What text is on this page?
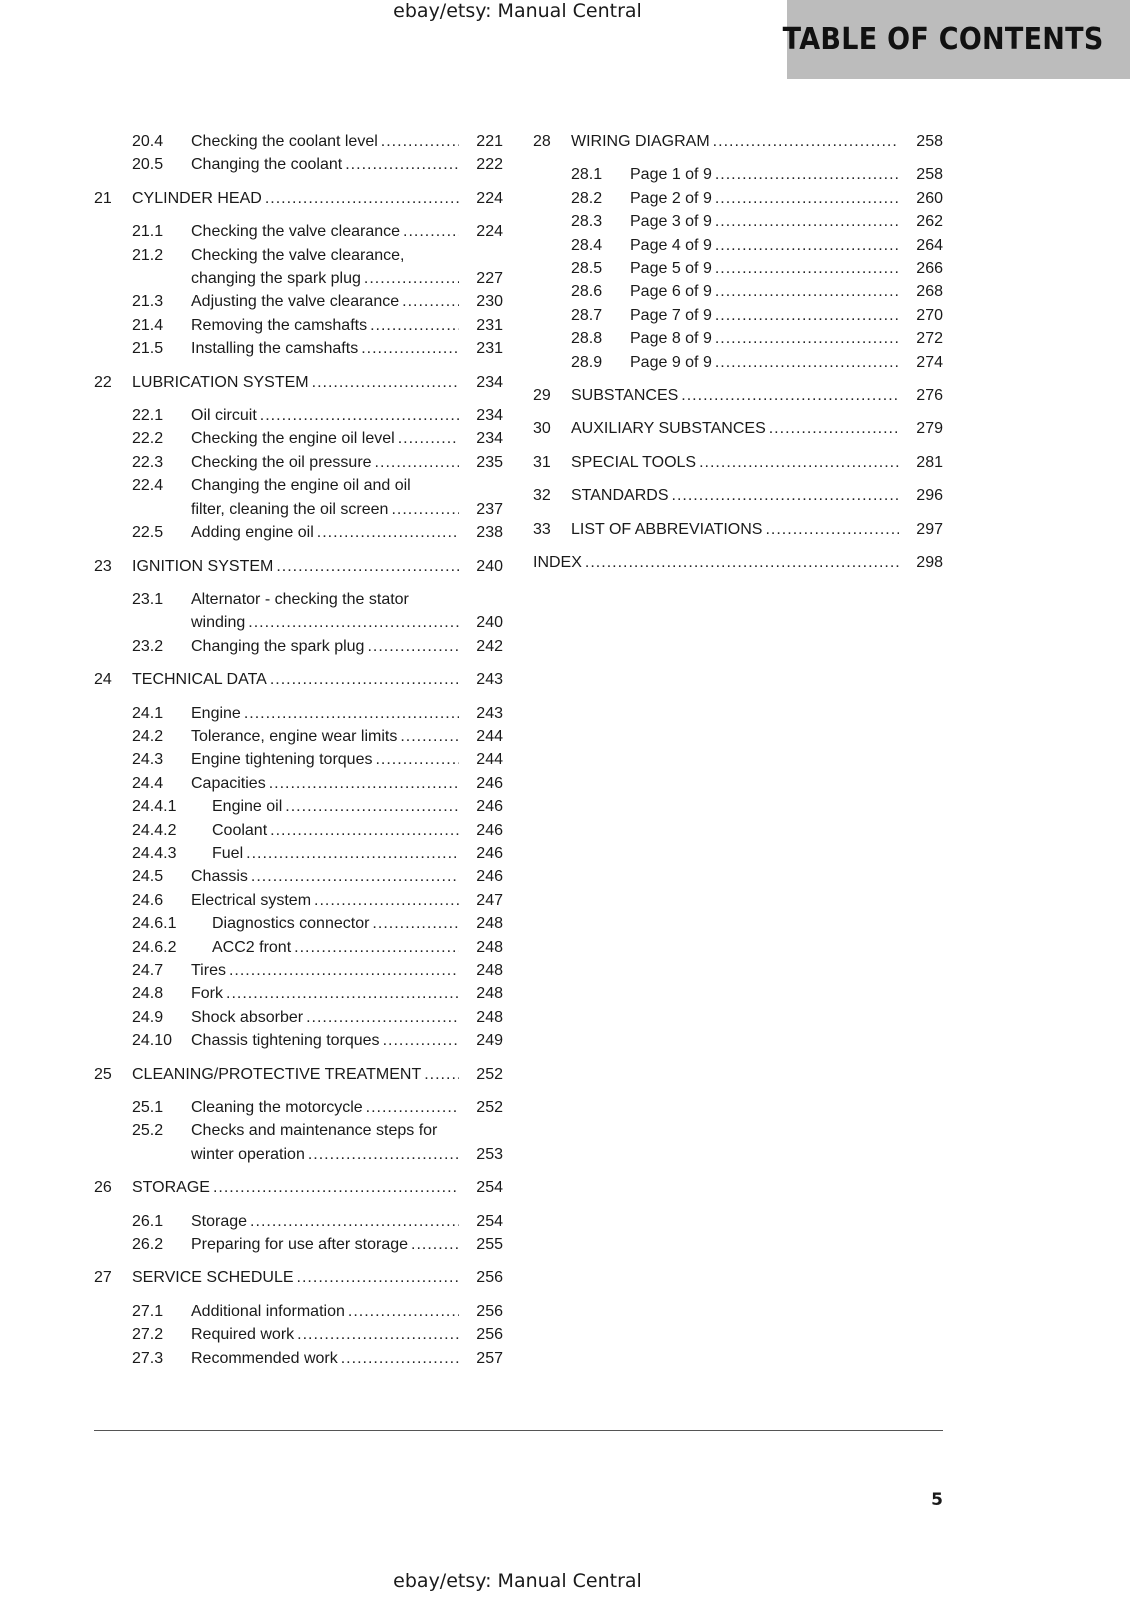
ebay/etsy: Manual Central
TABLE OF CONTENTS
20.4 Checking the coolant level .....	221
20.5 Changing the coolant .....	222
21 CYLINDER HEAD .....	224
21.1 Checking the valve clearance .....	224
21.2 Checking the valve clearance,
changing the spark plug .....	227
21.3 Adjusting the valve clearance .....	230
21.4 Removing the camshafts .....	231
21.5 Installing the camshafts .....	231
22 LUBRICATION SYSTEM .....	234
22.1 Oil circuit .....	234
22.2 Checking the engine oil level .....	234
22.3 Checking the oil pressure .....	235
22.4 Changing the engine oil and oil
filter, cleaning the oil screen .....	237
22.5 Adding engine oil .....	238
23 IGNITION SYSTEM .....	240
23.1 Alternator - checking the stator
winding .....	240
23.2 Changing the spark plug .....	242
24 TECHNICAL DATA .....	243
24.1 Engine .....	243
24.2 Tolerance, engine wear limits .....	244
24.3 Engine tightening torques .....	244
24.4 Capacities .....	246
24.4.1 Engine oil .....	246
24.4.2 Coolant .....	246
24.4.3 Fuel .....	246
24.5 Chassis .....	246
24.6 Electrical system .....	247
24.6.1 Diagnostics connector .....	248
24.6.2 ACC2 front .....	248
24.7 Tires .....	248
24.8 Fork .....	248
24.9 Shock absorber .....	248
24.10 Chassis tightening torques .....	249
25 CLEANING/PROTECTIVE TREATMENT .....	252
25.1 Cleaning the motorcycle .....	252
25.2 Checks and maintenance steps for
winter operation .....	253
26 STORAGE .....	254
26.1 Storage .....	254
26.2 Preparing for use after storage .....	255
27 SERVICE SCHEDULE .....	256
27.1 Additional information .....	256
27.2 Required work .....	256
27.3 Recommended work .....	257
28 WIRING DIAGRAM .....	258
28.1 Page 1 of 9 .....	258
28.2 Page 2 of 9 .....	260
28.3 Page 3 of 9 .....	262
28.4 Page 4 of 9 .....	264
28.5 Page 5 of 9 .....	266
28.6 Page 6 of 9 .....	268
28.7 Page 7 of 9 .....	270
28.8 Page 8 of 9 .....	272
28.9 Page 9 of 9 .....	274
29 SUBSTANCES .....	276
30 AUXILIARY SUBSTANCES .....	279
31 SPECIAL TOOLS .....	281
32 STANDARDS .....	296
33 LIST OF ABBREVIATIONS .....	297
INDEX .....	298
5
ebay/etsy: Manual Central
